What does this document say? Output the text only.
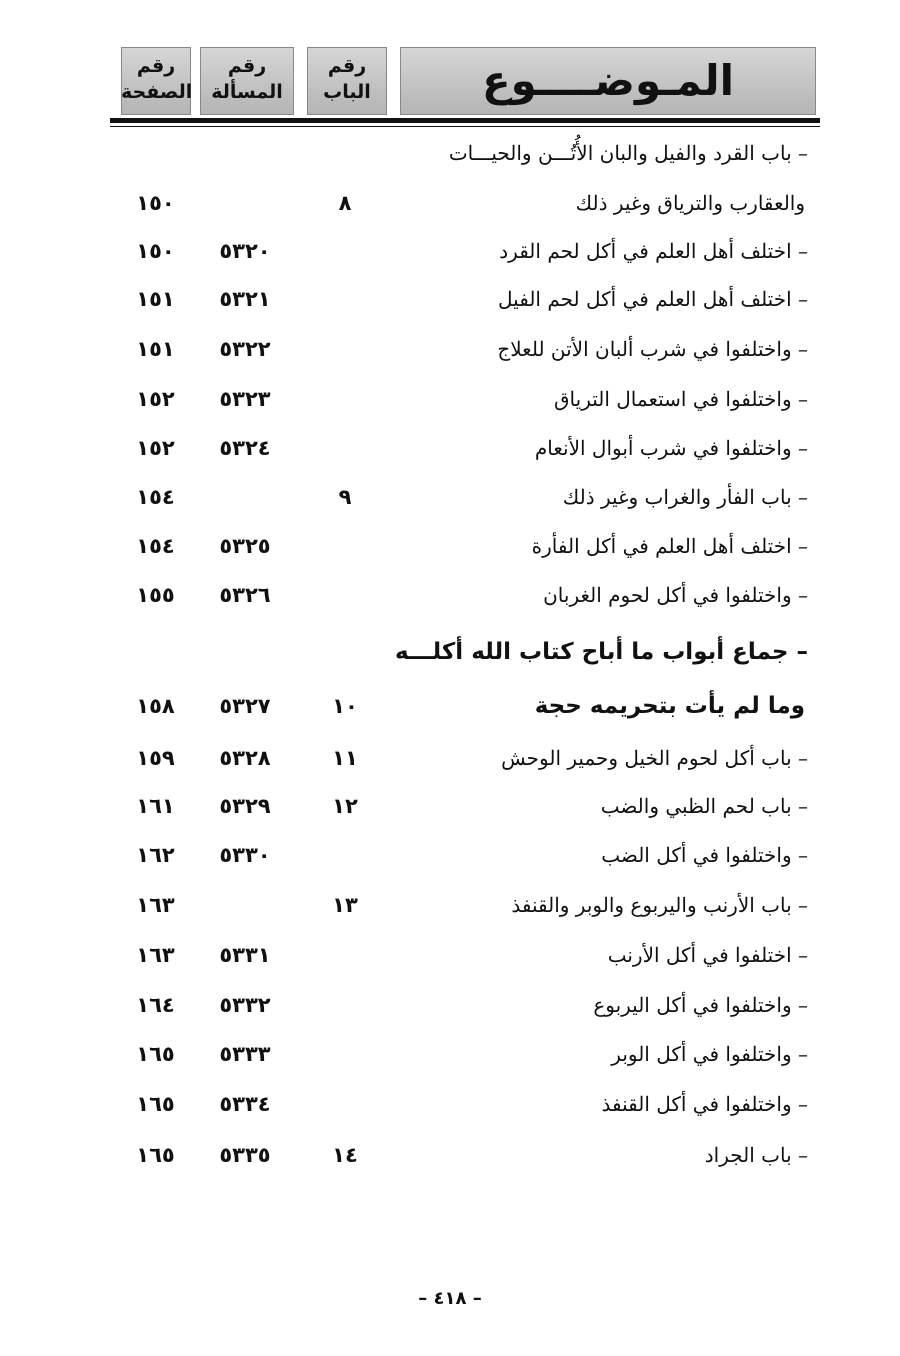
المـوضــــوع
رقم
الباب
رقم
المسألة
رقم
الصفحة
– باب القرد والفيل والبان الأُتُـــن والحيـــات
والعقارب والترياق وغير ذلك
٨
١٥٠
– اختلف أهل العلم في أكل لحم القرد
٥٣٢٠
١٥٠
– اختلف أهل العلم في أكل لحم الفيل
٥٣٢١
١٥١
– واختلفوا في شرب ألبان الأتن للعلاج
٥٣٢٢
١٥١
– واختلفوا في استعمال الترياق
٥٣٢٣
١٥٢
– واختلفوا في شرب أبوال الأنعام
٥٣٢٤
١٥٢
– باب الفأر والغراب وغير ذلك
٩
١٥٤
– اختلف أهل العلم في أكل الفأرة
٥٣٢٥
١٥٤
– واختلفوا في أكل لحوم الغربان
٥٣٢٦
١٥٥
– جماع أبواب ما أباح كتاب الله أكلـــه
وما لم يأت بتحريمه حجة
١٠
٥٣٢٧
١٥٨
– باب أكل لحوم الخيل وحمير الوحش
١١
٥٣٢٨
١٥٩
– باب لحم الظبي والضب
١٢
٥٣٢٩
١٦١
– واختلفوا في أكل الضب
٥٣٣٠
١٦٢
– باب الأرنب واليربوع والوبر والقنفذ
١٣
١٦٣
– اختلفوا في أكل الأرنب
٥٣٣١
١٦٣
– واختلفوا في أكل اليربوع
٥٣٣٢
١٦٤
– واختلفوا في أكل الوبر
٥٣٣٣
١٦٥
– واختلفوا في أكل القنفذ
٥٣٣٤
١٦٥
– باب الجراد
١٤
٥٣٣٥
١٦٥
– ٤١٨ –
